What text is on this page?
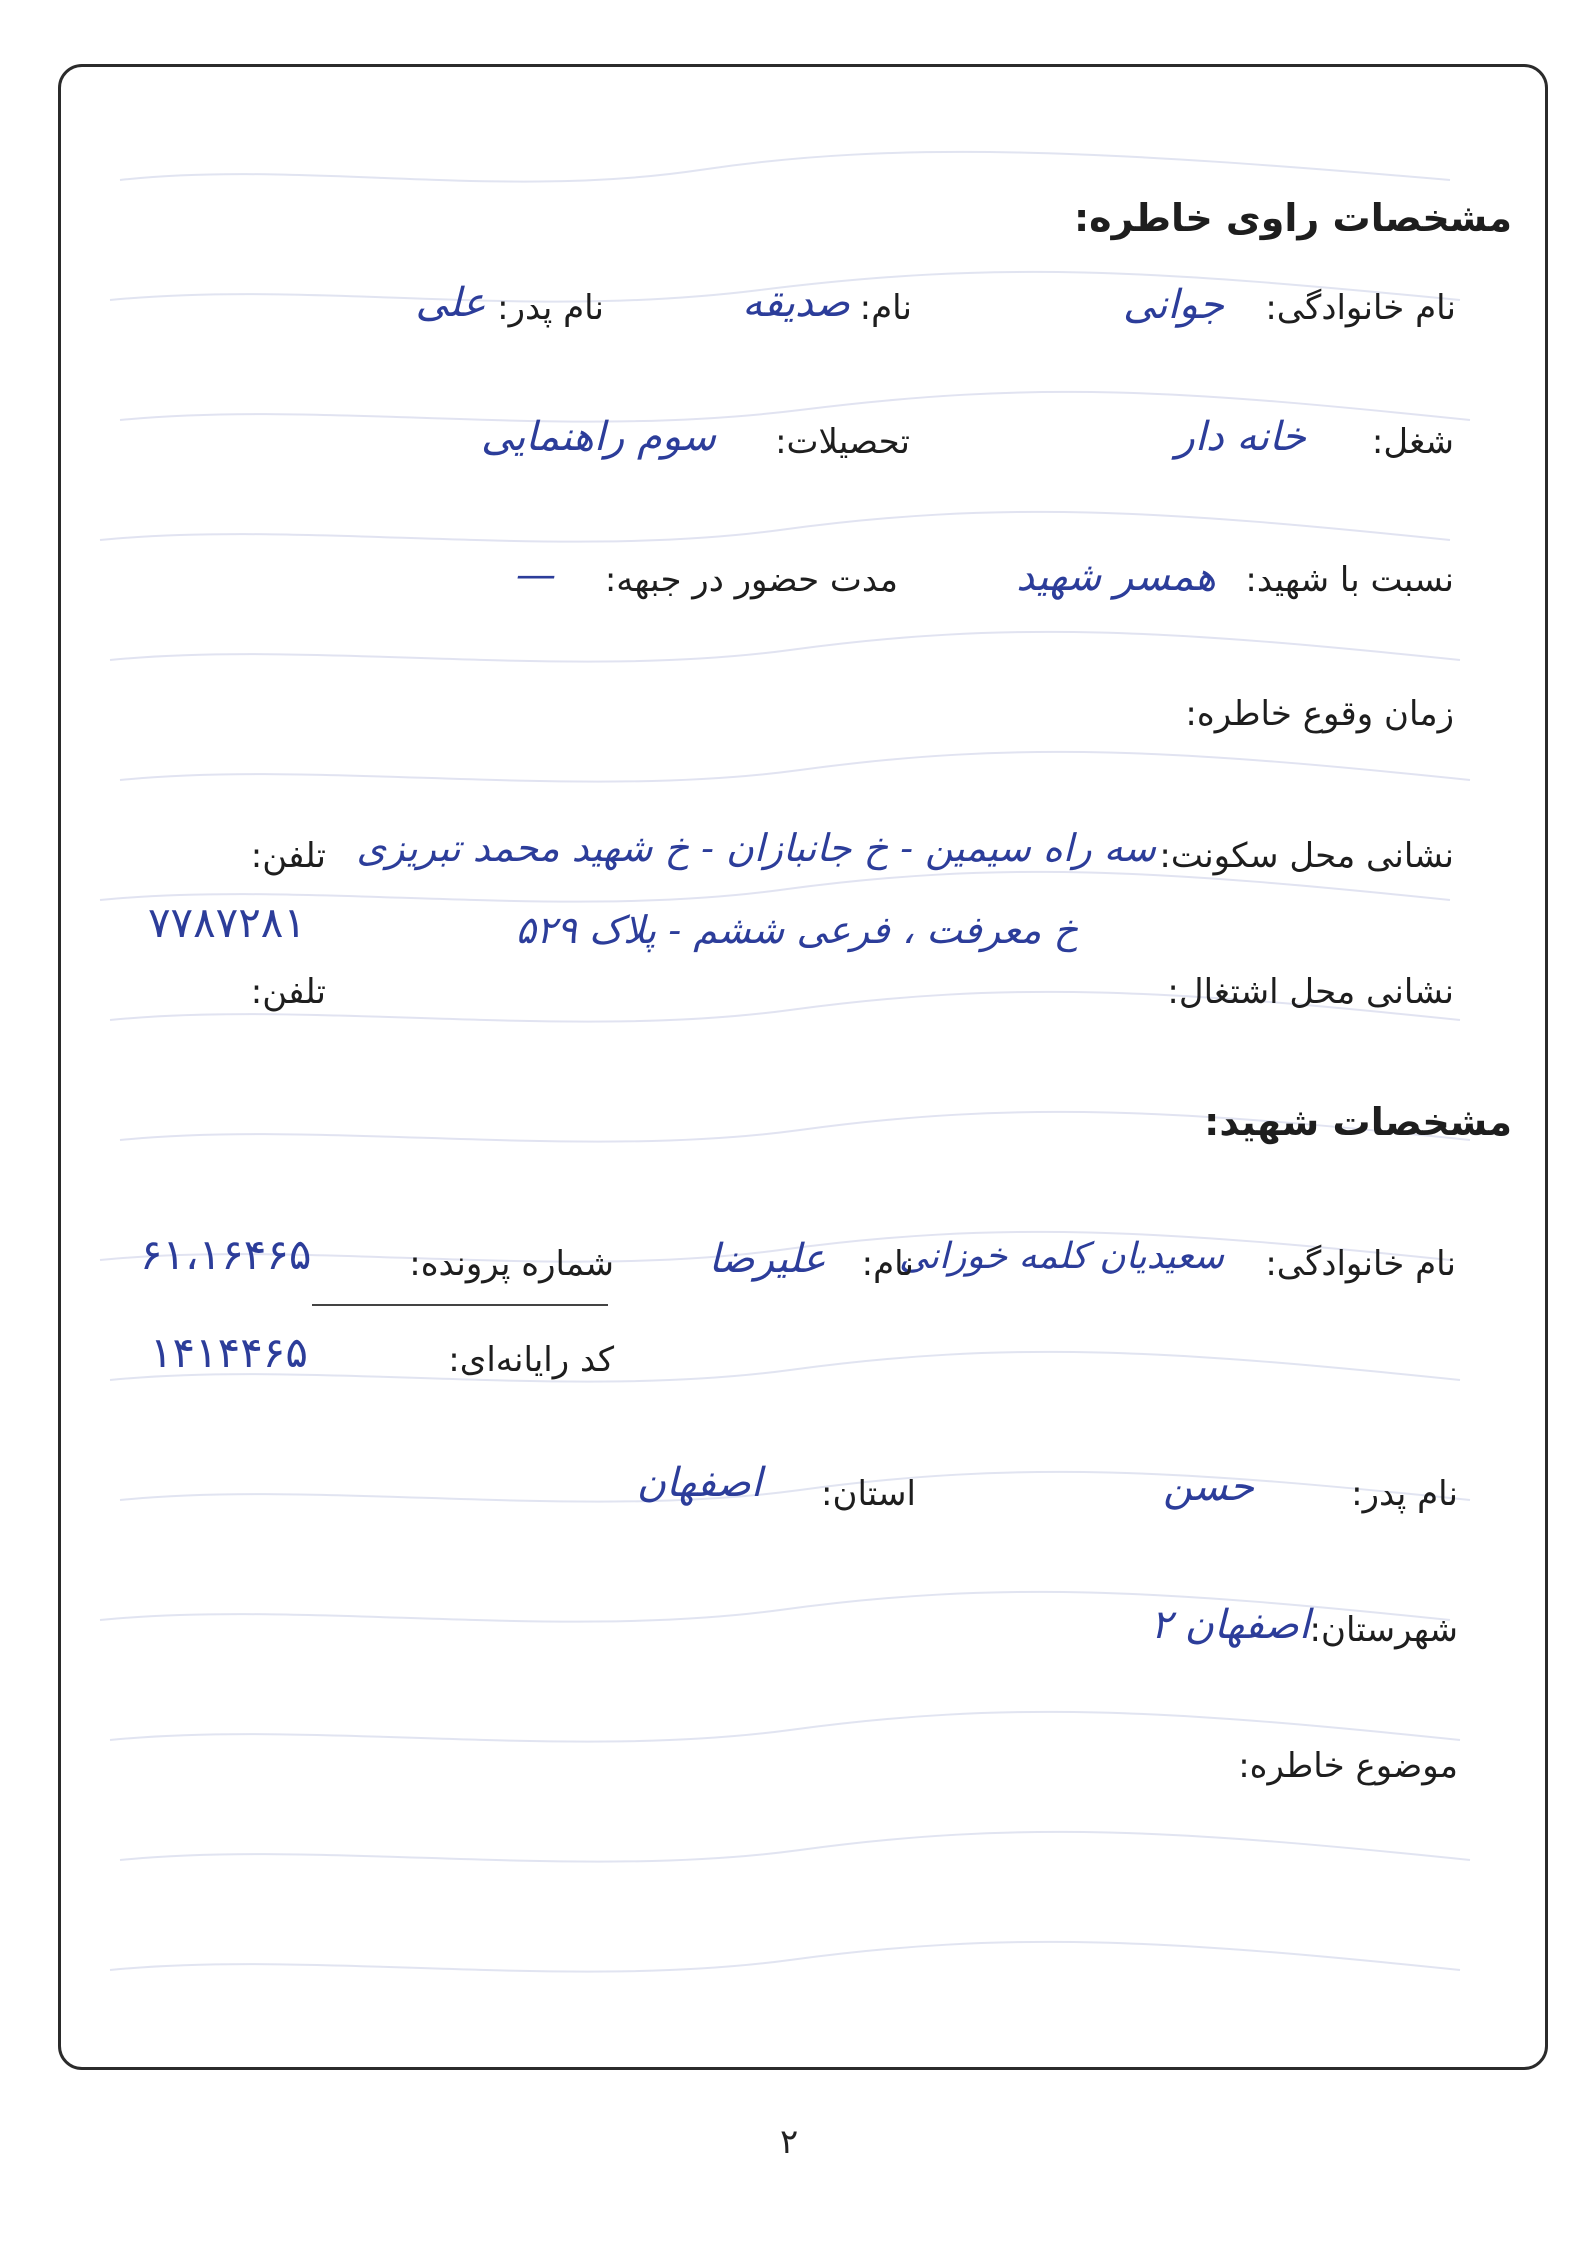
مشخصات راوی خاطره:
نام خانوادگی:
جوانی
نام:
صدیقه
نام پدر:
علی
شغل:
خانه دار
تحصیلات:
سوم راهنمایی
نسبت با شهید:
همسر شهید
مدت حضور در جبهه:
—
زمان وقوع خاطره:
نشانی محل سکونت:
سه راه سیمین - خ جانبازان - خ شهید محمد تبریزی
تلفن:
خ معرفت ، فرعی ششم - پلاک ۵۲۹
۷۷۸۷۲۸۱
نشانی محل اشتغال:
تلفن:
مشخصات شهید:
نام خانوادگی:
سعیدیان کلمه خوزانی
نام:
علیرضا
شماره پرونده:
۶۱،۱۶۴۶۵
کد رایانه‌ای:
۱۴۱۴۴۶۵
نام پدر:
حسن
استان:
اصفهان
شهرستان:
اصفهان ۲
موضوع خاطره:
۲
